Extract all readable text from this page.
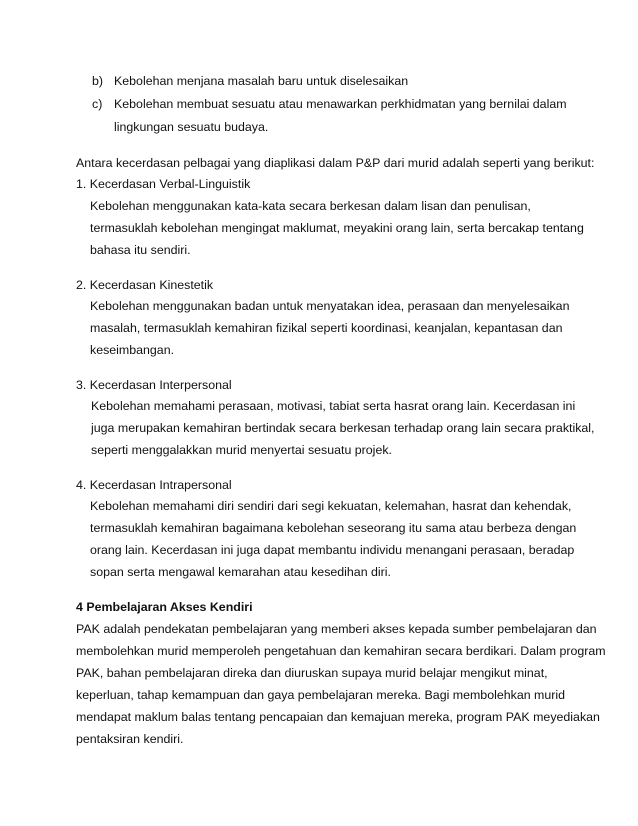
b) Kebolehan menjana masalah baru untuk diselesaikan
c) Kebolehan membuat sesuatu atau menawarkan perkhidmatan yang bernilai dalam
lingkungan sesuatu budaya.
Antara kecerdasan pelbagai yang diaplikasi dalam P&P dari murid adalah seperti yang berikut:
1. Kecerdasan Verbal-Linguistik
Kebolehan menggunakan kata-kata secara berkesan dalam lisan dan penulisan,
termasuklah kebolehan mengingat maklumat, meyakini orang lain, serta bercakap tentang
bahasa itu sendiri.
2. Kecerdasan Kinestetik
Kebolehan menggunakan badan untuk menyatakan idea, perasaan dan menyelesaikan
masalah, termasuklah kemahiran fizikal seperti koordinasi, keanjalan, kepantasan dan
keseimbangan.
3. Kecerdasan Interpersonal
Kebolehan memahami perasaan, motivasi, tabiat serta hasrat orang lain. Kecerdasan ini
juga merupakan kemahiran bertindak secara berkesan terhadap orang lain secara praktikal,
seperti menggalakkan murid menyertai sesuatu projek.
4. Kecerdasan Intrapersonal
Kebolehan memahami diri sendiri dari segi kekuatan, kelemahan, hasrat dan kehendak,
termasuklah kemahiran bagaimana kebolehan seseorang itu sama atau berbeza dengan
orang lain. Kecerdasan ini juga dapat membantu individu menangani perasaan, beradap
sopan serta mengawal kemarahan atau kesedihan diri.
4 Pembelajaran Akses Kendiri
PAK adalah pendekatan pembelajaran yang memberi akses kepada sumber pembelajaran dan
membolehkan murid memperoleh pengetahuan dan kemahiran secara berdikari. Dalam program
PAK, bahan pembelajaran direka dan diuruskan supaya murid belajar mengikut minat,
keperluan, tahap kemampuan dan gaya pembelajaran mereka. Bagi membolehkan murid
mendapat maklum balas tentang pencapaian dan kemajuan mereka, program PAK meyediakan
pentaksiran kendiri.
